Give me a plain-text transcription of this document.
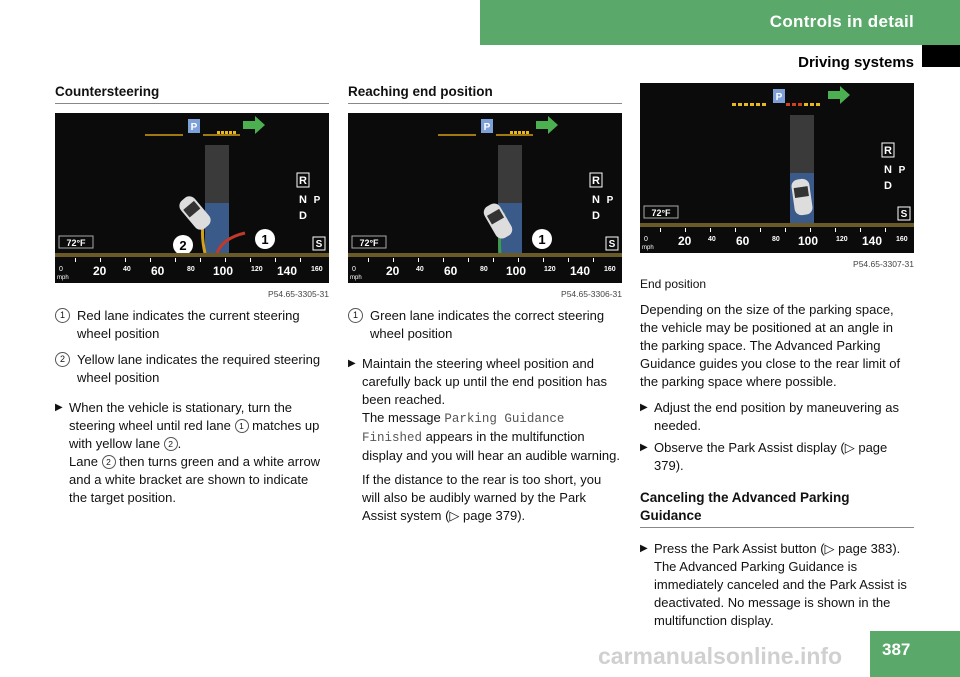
Controls in detail
Driving systems
Countersteering
P
1
2
R
N P
D
S
72°F
0
mph 20 40 60	80 100	120 140 160
P54.65-3305-31
1 Red lane indicates the current steering wheel position
2 Yellow lane indicates the required steering wheel position
▶ When the vehicle is stationary, turn the steering wheel until red lane 1 matches up with yellow lane 2 .
Lane 2 then turns green and a white arrow and a white bracket are shown to indicate the target position.
Reaching end position
P
1
R
N P
D
S
72°F
0
mph 20 40 60	80 100	120 140 160
P54.65-3306-31
1 Green lane indicates the correct steering wheel position
▶ Maintain the steering wheel position and carefully back up until the end position has been reached.

The message Parking Guidance Finished appears in the multifunction display and you will hear an audible warning.

If the distance to the rear is too short, you will also be audibly warned by the Park Assist system (▷ page 379).

P
R
N P
D
S
72°F
0
mph 20 40 60	80 100	120 140 160
P54.65-3307-31
End position

Depending on the size of the parking space, the vehicle may be positioned at an angle in the parking space. The Advanced Parking Guidance guides you close to the rear limit of the parking space where possible.

▶ Adjust the end position by maneuvering as needed.
▶ Observe the Park Assist display (▷ page 379).
Canceling the Advanced Parking Guidance
▶ Press the Park Assist button (▷ page 383). The Advanced Parking Guidance is immediately canceled and the Park Assist is deactivated. No message is shown in the multifunction display.
carmanualsonline.info 387
